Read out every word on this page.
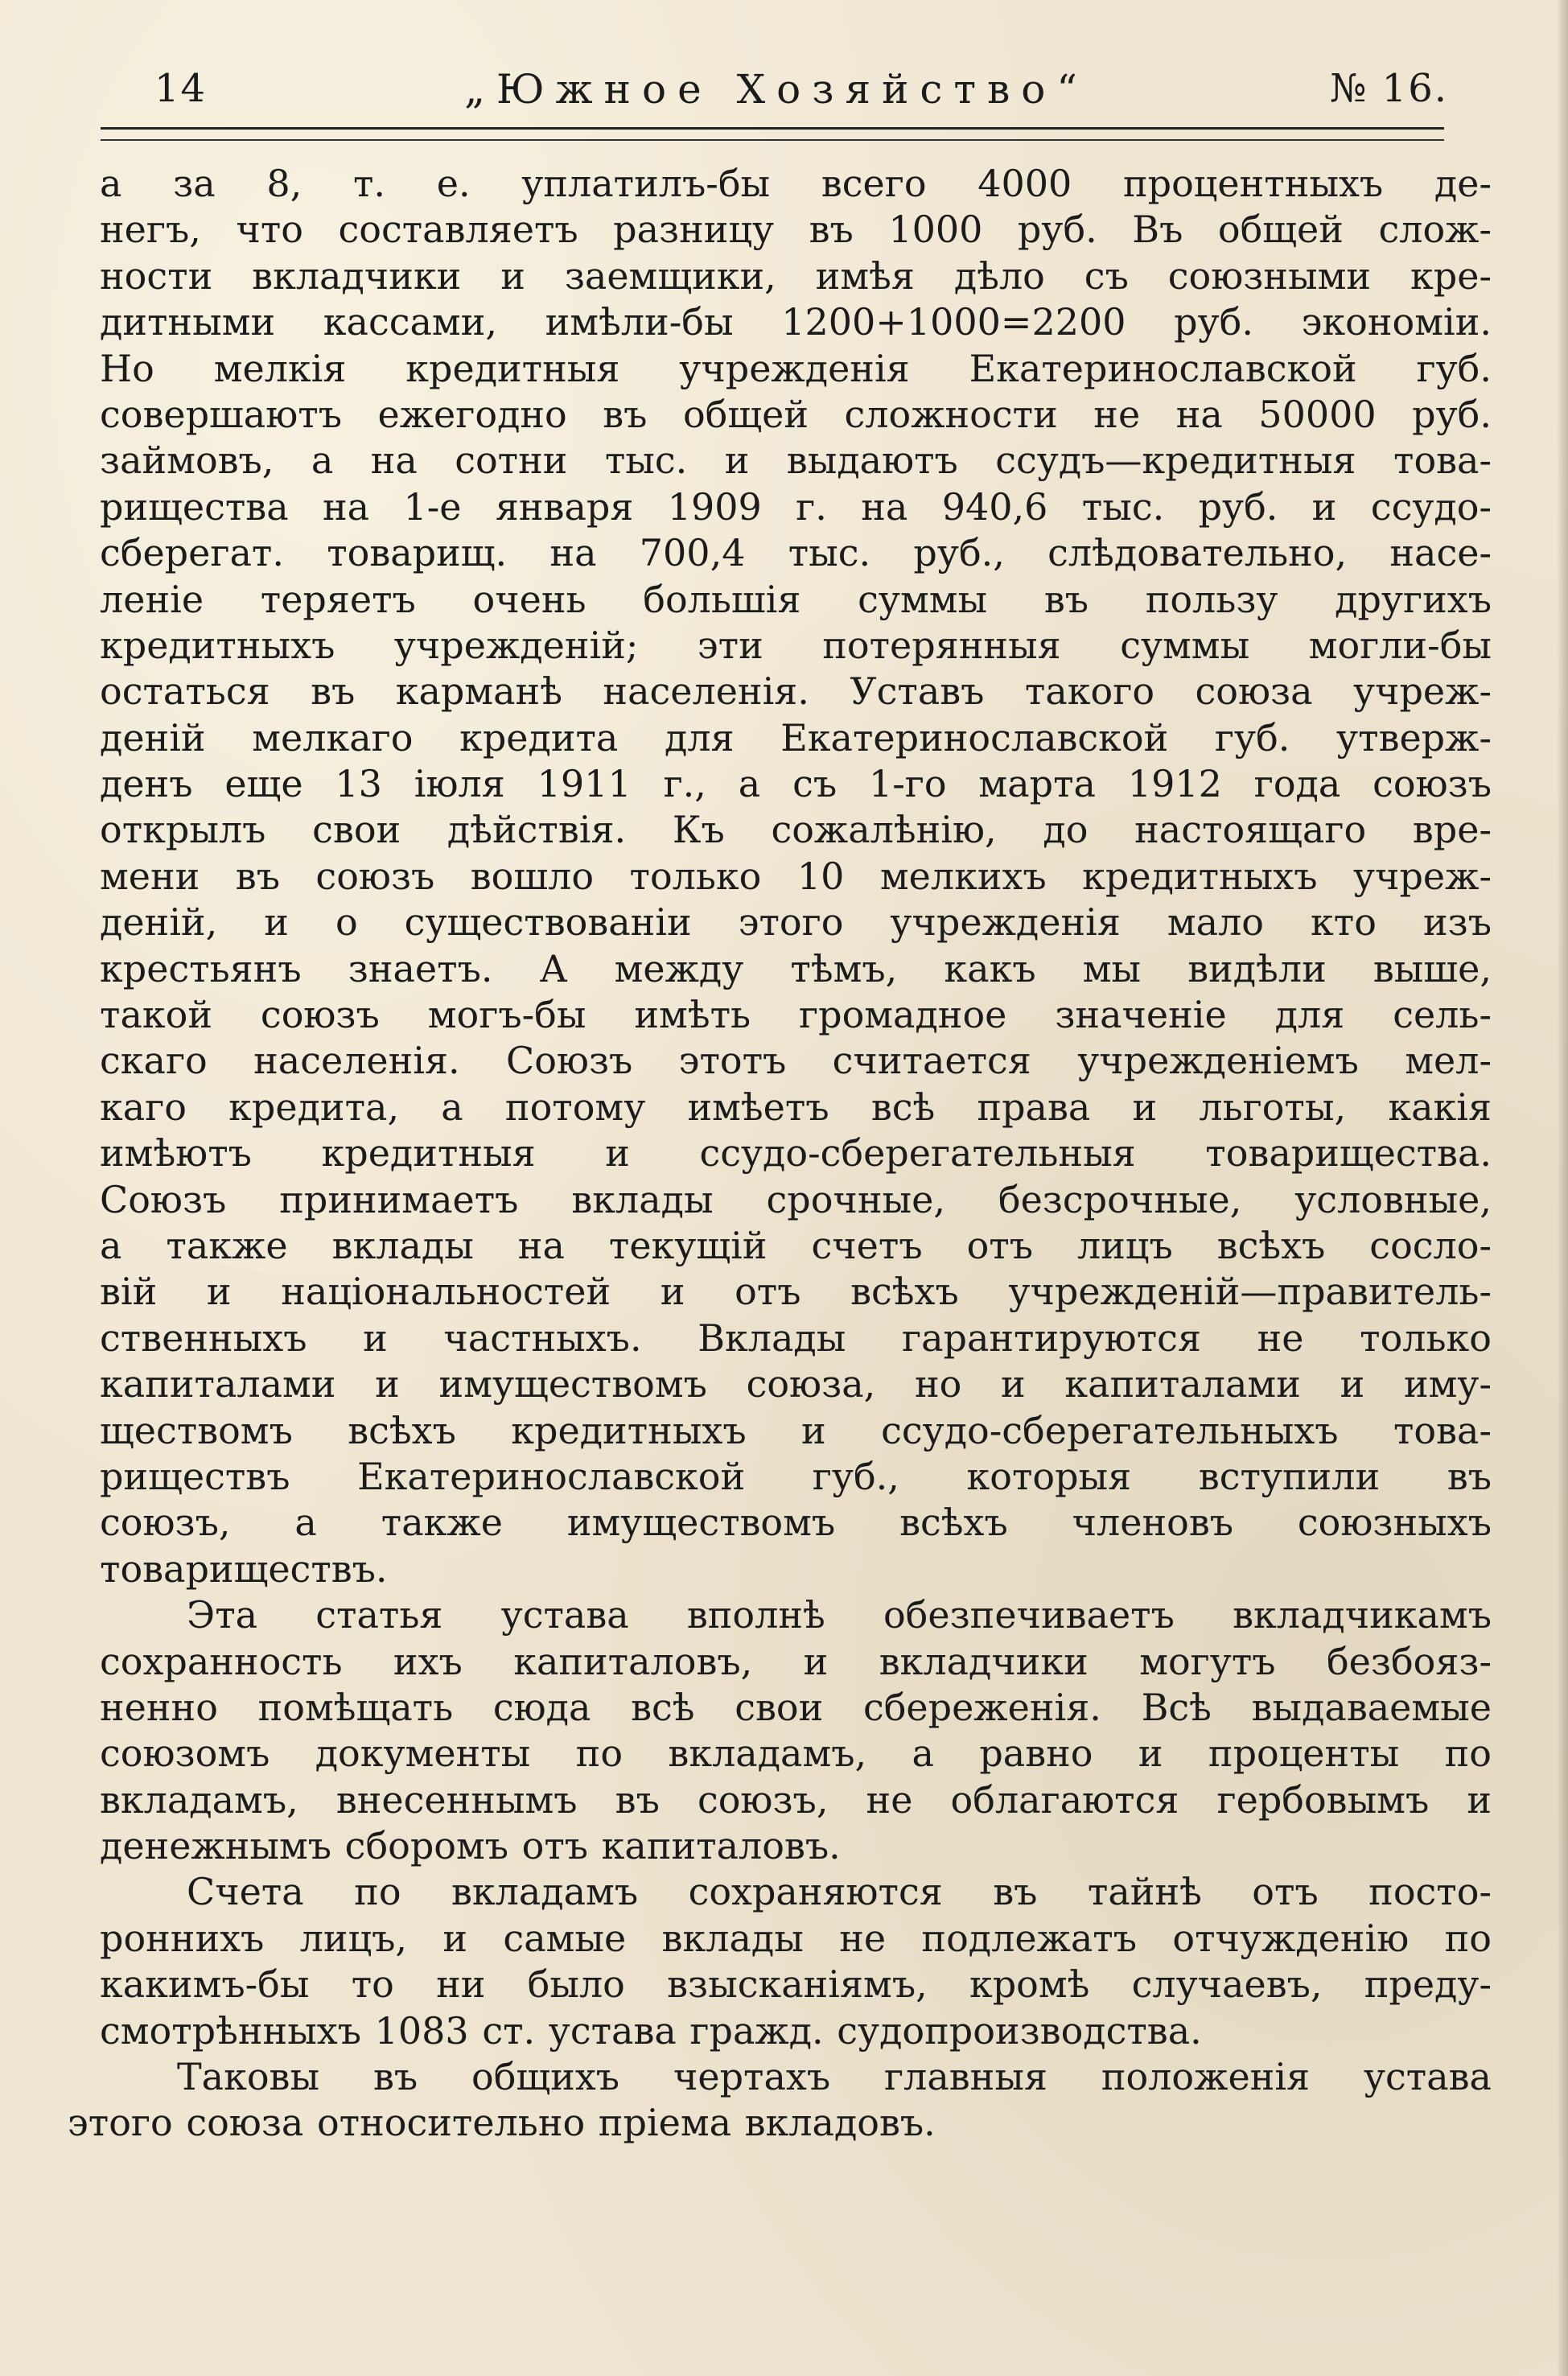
14	„Южное Хозяйство“	№ 16.
а за 8, т. е. уплатилъ-бы всего 4000 процентныхъ де-
негъ, что составляетъ разницу въ 1000 руб. Въ общей слож-
ности вкладчики и заемщики, имѣя дѣло съ союзными кре-
дитными кассами, имѣли-бы 1200+1000=2200 руб. экономіи.
Но мелкія кредитныя учрежденія Екатеринославской губ.
совершаютъ ежегодно въ общей сложности не на 50000 руб.
займовъ, а на сотни тыс. и выдаютъ ссудъ—кредитныя това-
рищества на 1-е января 1909 г. на 940,6 тыс. руб. и ссудо-
сберегат. товарищ. на 700,4 тыс. руб., слѣдовательно, насе-
леніе теряетъ очень большія суммы въ пользу другихъ
кредитныхъ учрежденій; эти потерянныя суммы могли-бы
остаться въ карманѣ населенія. Уставъ такого союза учреж-
деній мелкаго кредита для Екатеринославской губ. утверж-
денъ еще 13 іюля 1911 г., а съ 1-го марта 1912 года союзъ
открылъ свои дѣйствія. Къ сожалѣнію, до настоящаго вре-
мени въ союзъ вошло только 10 мелкихъ кредитныхъ учреж-
деній, и о существованіи этого учрежденія мало кто изъ
крестьянъ знаетъ. А между тѣмъ, какъ мы видѣли выше,
такой союзъ могъ-бы имѣть громадное значеніе для сель-
скаго населенія. Союзъ этотъ считается учрежденіемъ мел-
каго кредита, а потому имѣетъ всѣ права и льготы, какія
имѣютъ кредитныя и ссудо-сберегательныя товарищества.
Союзъ принимаетъ вклады срочные, безсрочные, условные,
а также вклады на текущій счетъ отъ лицъ всѣхъ сосло-
вій и національностей и отъ всѣхъ учрежденій—правитель-
ственныхъ и частныхъ. Вклады гарантируются не только
капиталами и имуществомъ союза, но и капиталами и иму-
ществомъ всѣхъ кредитныхъ и ссудо-сберегательныхъ това-
риществъ Екатеринославской губ., которыя вступили въ
союзъ, а также имуществомъ всѣхъ членовъ союзныхъ
товариществъ.
Эта статья устава вполнѣ обезпечиваетъ вкладчикамъ
сохранность ихъ капиталовъ, и вкладчики могутъ безбояз-
ненно помѣщать сюда всѣ свои сбереженія. Всѣ выдаваемые
союзомъ документы по вкладамъ, а равно и проценты по
вкладамъ, внесеннымъ въ союзъ, не облагаются гербовымъ и
денежнымъ сборомъ отъ капиталовъ.
Счета по вкладамъ сохраняются въ тайнѣ отъ посто-
роннихъ лицъ, и самые вклады не подлежатъ отчужденію по
какимъ-бы то ни было взысканіямъ, кромѣ случаевъ, преду-
смотрѣнныхъ 1083 ст. устава гражд. судопроизводства.
Таковы въ общихъ чертахъ главныя положенія устава
этого союза относительно пріема вкладовъ.
